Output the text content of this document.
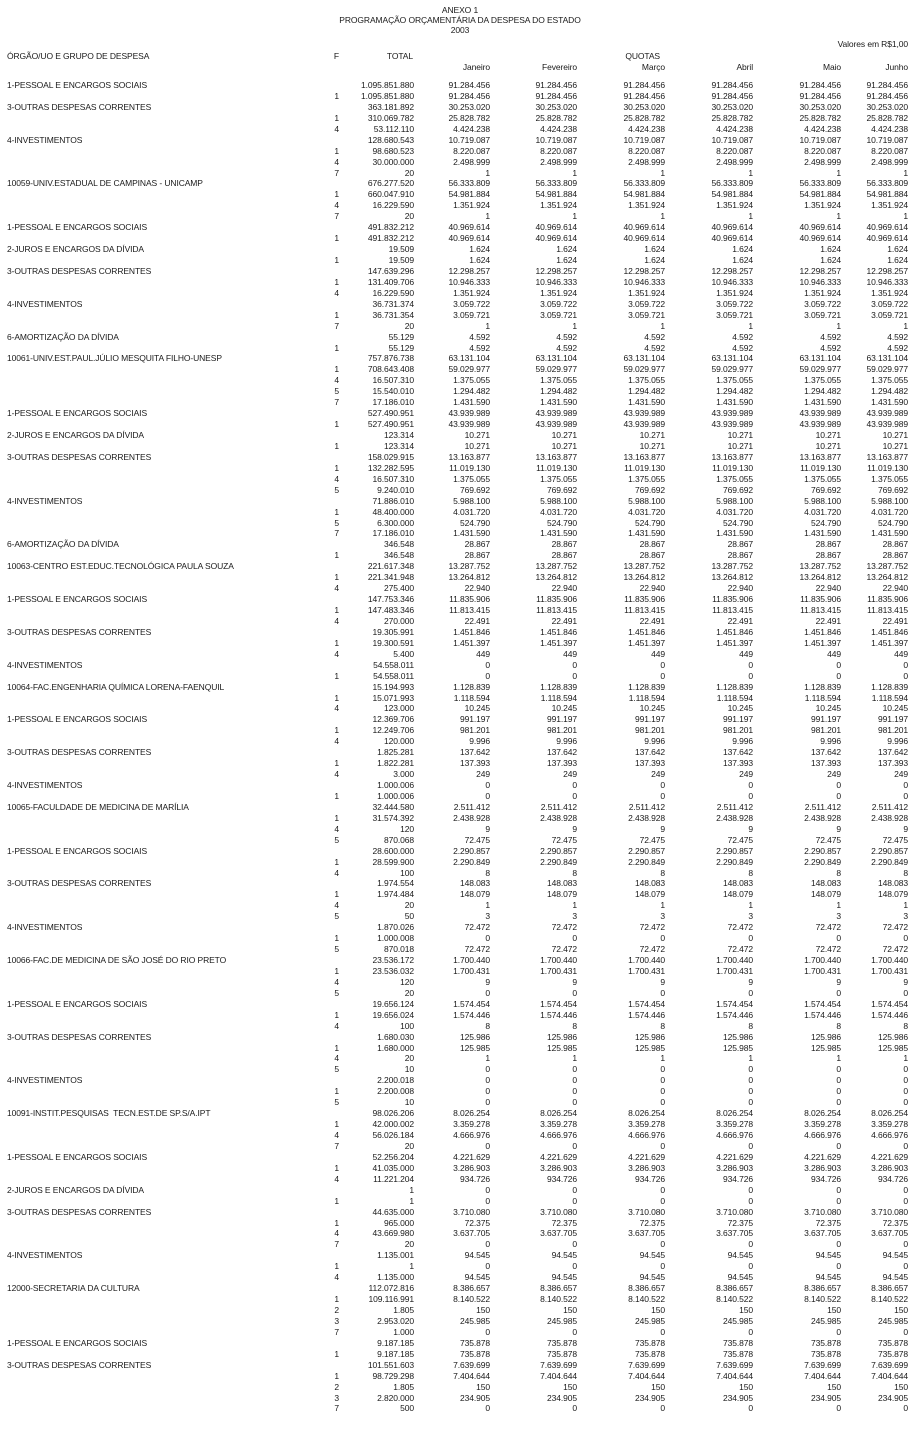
ANEXO 1
PROGRAMAÇÃO ORÇAMENTÁRIA DA DESPESA DO ESTADO
2003
Valores em R$1,00
ÓRGÃO/UO E GRUPO DE DESPESA	F	TOTAL	QUOTAS
Janeiro	Fevereiro	Março	Abril	Maio	Junho
1-PESSOAL E ENCARGOS SOCIAIS	1.095.851.880	91.284.456	91.284.456	91.284.456	91.284.456	91.284.456	91.284.456
1	1.095.851.880	91.284.456	91.284.456	91.284.456	91.284.456	91.284.456	91.284.456
3-OUTRAS DESPESAS CORRENTES	363.181.892	30.253.020	30.253.020	30.253.020	30.253.020	30.253.020	30.253.020
1	310.069.782	25.828.782	25.828.782	25.828.782	25.828.782	25.828.782	25.828.782
4	53.112.110	4.424.238	4.424.238	4.424.238	4.424.238	4.424.238	4.424.238
4-INVESTIMENTOS	128.680.543	10.719.087	10.719.087	10.719.087	10.719.087	10.719.087	10.719.087
1	98.680.523	8.220.087	8.220.087	8.220.087	8.220.087	8.220.087	8.220.087
4	30.000.000	2.498.999	2.498.999	2.498.999	2.498.999	2.498.999	2.498.999
7	20	1	1	1	1	1	1
10059-UNIV.ESTADUAL DE CAMPINAS - UNICAMP	676.277.520	56.333.809	56.333.809	56.333.809	56.333.809	56.333.809	56.333.809
1	660.047.910	54.981.884	54.981.884	54.981.884	54.981.884	54.981.884	54.981.884
4	16.229.590	1.351.924	1.351.924	1.351.924	1.351.924	1.351.924	1.351.924
7	20	1	1	1	1	1	1
1-PESSOAL E ENCARGOS SOCIAIS	491.832.212	40.969.614	40.969.614	40.969.614	40.969.614	40.969.614	40.969.614
1	491.832.212	40.969.614	40.969.614	40.969.614	40.969.614	40.969.614	40.969.614
2-JUROS E ENCARGOS DA DÍVIDA	19.509	1.624	1.624	1.624	1.624	1.624	1.624
1	19.509	1.624	1.624	1.624	1.624	1.624	1.624
3-OUTRAS DESPESAS CORRENTES	147.639.296	12.298.257	12.298.257	12.298.257	12.298.257	12.298.257	12.298.257
1	131.409.706	10.946.333	10.946.333	10.946.333	10.946.333	10.946.333	10.946.333
4	16.229.590	1.351.924	1.351.924	1.351.924	1.351.924	1.351.924	1.351.924
4-INVESTIMENTOS	36.731.374	3.059.722	3.059.722	3.059.722	3.059.722	3.059.722	3.059.722
1	36.731.354	3.059.721	3.059.721	3.059.721	3.059.721	3.059.721	3.059.721
7	20	1	1	1	1	1	1
6-AMORTIZAÇÃO DA DÍVIDA	55.129	4.592	4.592	4.592	4.592	4.592	4.592
1	55.129	4.592	4.592	4.592	4.592	4.592	4.592
10061-UNIV.EST.PAUL.JÚLIO MESQUITA FILHO-UNESP	757.876.738	63.131.104	63.131.104	63.131.104	63.131.104	63.131.104	63.131.104
1	708.643.408	59.029.977	59.029.977	59.029.977	59.029.977	59.029.977	59.029.977
4	16.507.310	1.375.055	1.375.055	1.375.055	1.375.055	1.375.055	1.375.055
5	15.540.010	1.294.482	1.294.482	1.294.482	1.294.482	1.294.482	1.294.482
7	17.186.010	1.431.590	1.431.590	1.431.590	1.431.590	1.431.590	1.431.590
1-PESSOAL E ENCARGOS SOCIAIS	527.490.951	43.939.989	43.939.989	43.939.989	43.939.989	43.939.989	43.939.989
1	527.490.951	43.939.989	43.939.989	43.939.989	43.939.989	43.939.989	43.939.989
2-JUROS E ENCARGOS DA DÍVIDA	123.314	10.271	10.271	10.271	10.271	10.271	10.271
1	123.314	10.271	10.271	10.271	10.271	10.271	10.271
3-OUTRAS DESPESAS CORRENTES	158.029.915	13.163.877	13.163.877	13.163.877	13.163.877	13.163.877	13.163.877
1	132.282.595	11.019.130	11.019.130	11.019.130	11.019.130	11.019.130	11.019.130
4	16.507.310	1.375.055	1.375.055	1.375.055	1.375.055	1.375.055	1.375.055
5	9.240.010	769.692	769.692	769.692	769.692	769.692	769.692
4-INVESTIMENTOS	71.886.010	5.988.100	5.988.100	5.988.100	5.988.100	5.988.100	5.988.100
1	48.400.000	4.031.720	4.031.720	4.031.720	4.031.720	4.031.720	4.031.720
5	6.300.000	524.790	524.790	524.790	524.790	524.790	524.790
7	17.186.010	1.431.590	1.431.590	1.431.590	1.431.590	1.431.590	1.431.590
6-AMORTIZAÇÃO DA DÍVIDA	346.548	28.867	28.867	28.867	28.867	28.867	28.867
1	346.548	28.867	28.867	28.867	28.867	28.867	28.867
10063-CENTRO EST.EDUC.TECNOLÓGICA PAULA SOUZA	221.617.348	13.287.752	13.287.752	13.287.752	13.287.752	13.287.752	13.287.752
1	221.341.948	13.264.812	13.264.812	13.264.812	13.264.812	13.264.812	13.264.812
4	275.400	22.940	22.940	22.940	22.940	22.940	22.940
1-PESSOAL E ENCARGOS SOCIAIS	147.753.346	11.835.906	11.835.906	11.835.906	11.835.906	11.835.906	11.835.906
1	147.483.346	11.813.415	11.813.415	11.813.415	11.813.415	11.813.415	11.813.415
4	270.000	22.491	22.491	22.491	22.491	22.491	22.491
3-OUTRAS DESPESAS CORRENTES	19.305.991	1.451.846	1.451.846	1.451.846	1.451.846	1.451.846	1.451.846
1	19.300.591	1.451.397	1.451.397	1.451.397	1.451.397	1.451.397	1.451.397
4	5.400	449	449	449	449	449	449
4-INVESTIMENTOS	54.558.011	0	0	0	0	0	0
1	54.558.011	0	0	0	0	0	0
10064-FAC.ENGENHARIA QUÍMICA LORENA-FAENQUIL	15.194.993	1.128.839	1.128.839	1.128.839	1.128.839	1.128.839	1.128.839
1	15.071.993	1.118.594	1.118.594	1.118.594	1.118.594	1.118.594	1.118.594
4	123.000	10.245	10.245	10.245	10.245	10.245	10.245
1-PESSOAL E ENCARGOS SOCIAIS	12.369.706	991.197	991.197	991.197	991.197	991.197	991.197
1	12.249.706	981.201	981.201	981.201	981.201	981.201	981.201
4	120.000	9.996	9.996	9.996	9.996	9.996	9.996
3-OUTRAS DESPESAS CORRENTES	1.825.281	137.642	137.642	137.642	137.642	137.642	137.642
1	1.822.281	137.393	137.393	137.393	137.393	137.393	137.393
4	3.000	249	249	249	249	249	249
4-INVESTIMENTOS	1.000.006	0	0	0	0	0	0
1	1.000.006	0	0	0	0	0	0
10065-FACULDADE DE MEDICINA DE MARÍLIA	32.444.580	2.511.412	2.511.412	2.511.412	2.511.412	2.511.412	2.511.412
1	31.574.392	2.438.928	2.438.928	2.438.928	2.438.928	2.438.928	2.438.928
4	120	9	9	9	9	9	9
5	870.068	72.475	72.475	72.475	72.475	72.475	72.475
1-PESSOAL E ENCARGOS SOCIAIS	28.600.000	2.290.857	2.290.857	2.290.857	2.290.857	2.290.857	2.290.857
1	28.599.900	2.290.849	2.290.849	2.290.849	2.290.849	2.290.849	2.290.849
4	100	8	8	8	8	8	8
3-OUTRAS DESPESAS CORRENTES	1.974.554	148.083	148.083	148.083	148.083	148.083	148.083
1	1.974.484	148.079	148.079	148.079	148.079	148.079	148.079
4	20	1	1	1	1	1	1
5	50	3	3	3	3	3	3
4-INVESTIMENTOS	1.870.026	72.472	72.472	72.472	72.472	72.472	72.472
1	1.000.008	0	0	0	0	0	0
5	870.018	72.472	72.472	72.472	72.472	72.472	72.472
10066-FAC.DE MEDICINA DE SÃO JOSÉ DO RIO PRETO	23.536.172	1.700.440	1.700.440	1.700.440	1.700.440	1.700.440	1.700.440
1	23.536.032	1.700.431	1.700.431	1.700.431	1.700.431	1.700.431	1.700.431
4	120	9	9	9	9	9	9
5	20	0	0	0	0	0	0
1-PESSOAL E ENCARGOS SOCIAIS	19.656.124	1.574.454	1.574.454	1.574.454	1.574.454	1.574.454	1.574.454
1	19.656.024	1.574.446	1.574.446	1.574.446	1.574.446	1.574.446	1.574.446
4	100	8	8	8	8	8	8
3-OUTRAS DESPESAS CORRENTES	1.680.030	125.986	125.986	125.986	125.986	125.986	125.986
1	1.680.000	125.985	125.985	125.985	125.985	125.985	125.985
4	20	1	1	1	1	1	1
5	10	0	0	0	0	0	0
4-INVESTIMENTOS	2.200.018	0	0	0	0	0	0
1	2.200.008	0	0	0	0	0	0
5	10	0	0	0	0	0	0
10091-INSTIT.PESQUISAS  TECN.EST.DE SP.S/A.IPT	98.026.206	8.026.254	8.026.254	8.026.254	8.026.254	8.026.254	8.026.254
1	42.000.002	3.359.278	3.359.278	3.359.278	3.359.278	3.359.278	3.359.278
4	56.026.184	4.666.976	4.666.976	4.666.976	4.666.976	4.666.976	4.666.976
7	20	0	0	0	0	0	0
1-PESSOAL E ENCARGOS SOCIAIS	52.256.204	4.221.629	4.221.629	4.221.629	4.221.629	4.221.629	4.221.629
1	41.035.000	3.286.903	3.286.903	3.286.903	3.286.903	3.286.903	3.286.903
4	11.221.204	934.726	934.726	934.726	934.726	934.726	934.726
2-JUROS E ENCARGOS DA DÍVIDA	1	0	0	0	0	0	0
1	1	0	0	0	0	0	0
3-OUTRAS DESPESAS CORRENTES	44.635.000	3.710.080	3.710.080	3.710.080	3.710.080	3.710.080	3.710.080
1	965.000	72.375	72.375	72.375	72.375	72.375	72.375
4	43.669.980	3.637.705	3.637.705	3.637.705	3.637.705	3.637.705	3.637.705
7	20	0	0	0	0	0	0
4-INVESTIMENTOS	1.135.001	94.545	94.545	94.545	94.545	94.545	94.545
1	1	0	0	0	0	0	0
4	1.135.000	94.545	94.545	94.545	94.545	94.545	94.545
12000-SECRETARIA DA CULTURA	112.072.816	8.386.657	8.386.657	8.386.657	8.386.657	8.386.657	8.386.657
1	109.116.991	8.140.522	8.140.522	8.140.522	8.140.522	8.140.522	8.140.522
2	1.805	150	150	150	150	150	150
3	2.953.020	245.985	245.985	245.985	245.985	245.985	245.985
7	1.000	0	0	0	0	0	0
1-PESSOAL E ENCARGOS SOCIAIS	9.187.185	735.878	735.878	735.878	735.878	735.878	735.878
1	9.187.185	735.878	735.878	735.878	735.878	735.878	735.878
3-OUTRAS DESPESAS CORRENTES	101.551.603	7.639.699	7.639.699	7.639.699	7.639.699	7.639.699	7.639.699
1	98.729.298	7.404.644	7.404.644	7.404.644	7.404.644	7.404.644	7.404.644
2	1.805	150	150	150	150	150	150
3	2.820.000	234.905	234.905	234.905	234.905	234.905	234.905
7	500	0	0	0	0	0	0
